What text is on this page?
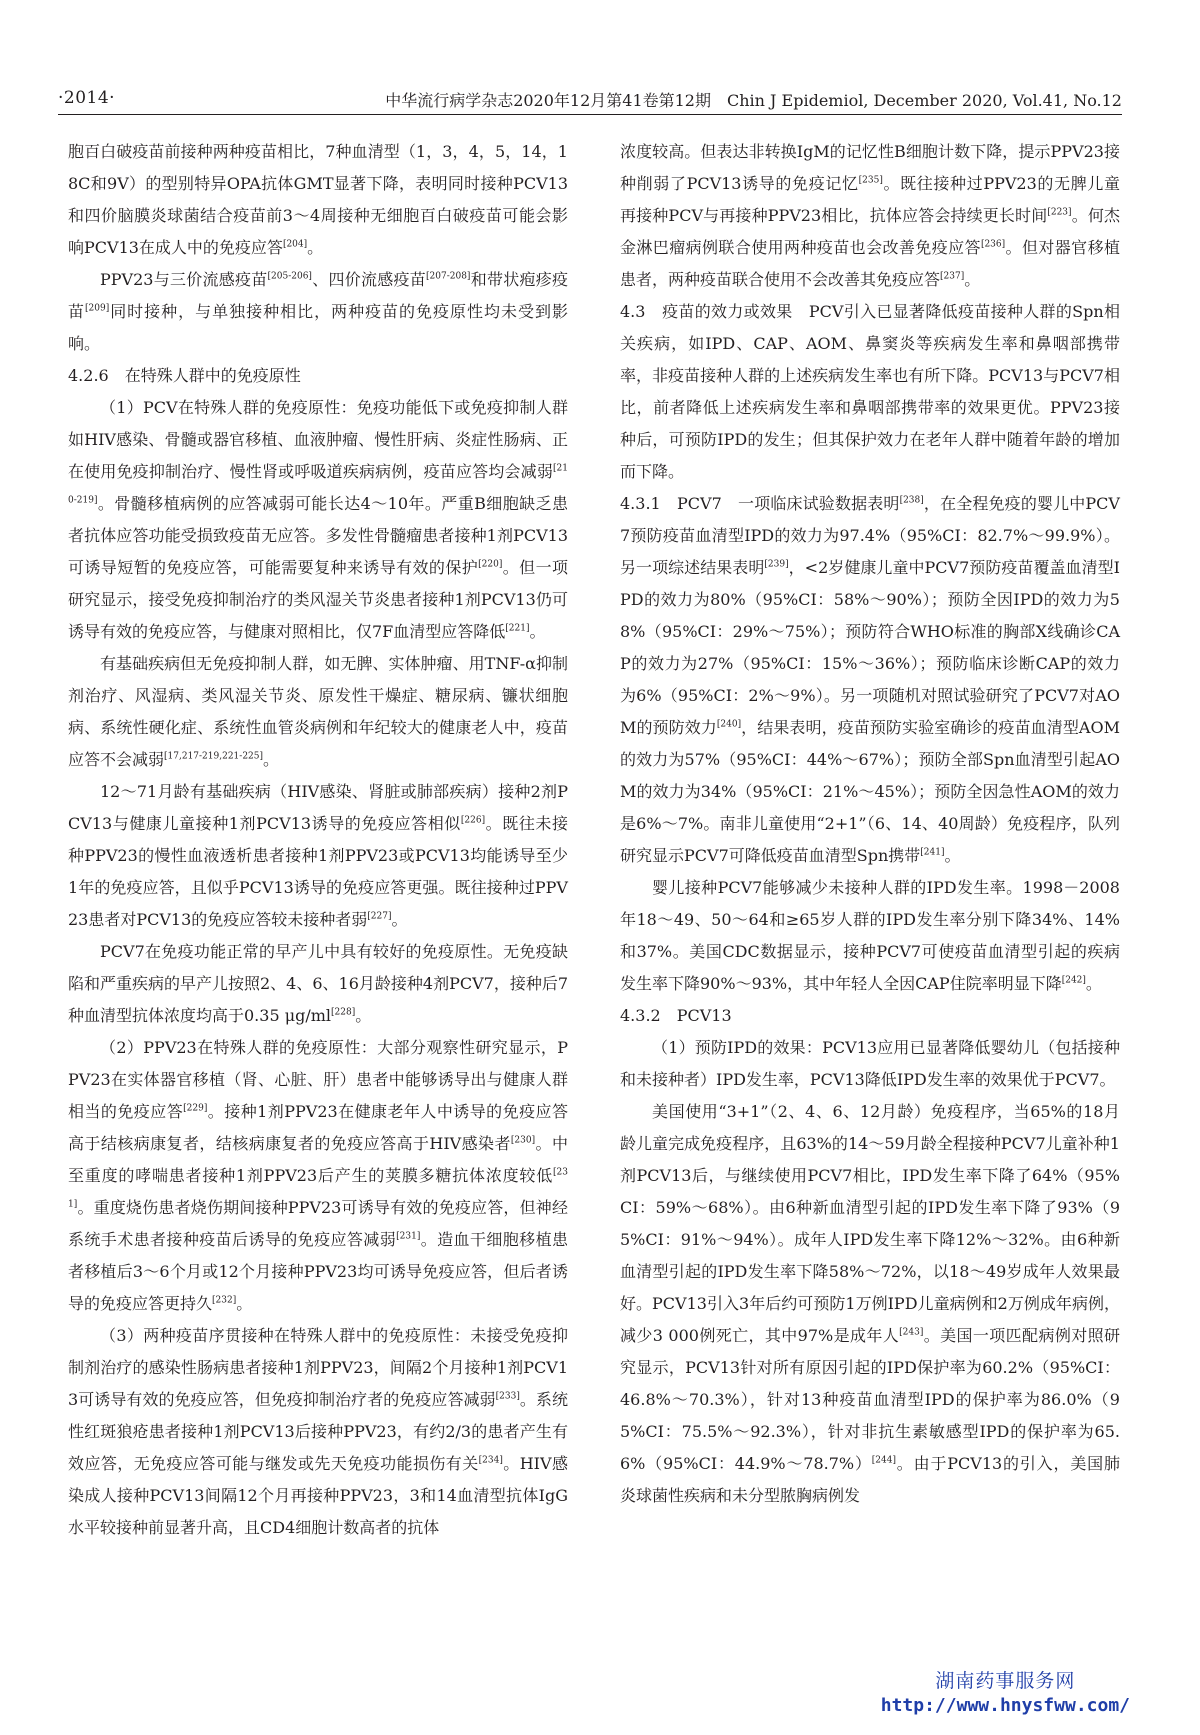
·2014·	中华流行病学杂志2020年12月第41卷第12期　Chin J Epidemiol, December 2020, Vol.41, No.12

胞百白破疫苗前接种两种疫苗相比，7种血清型（1，3，4，5，14，18C和9V）的型别特异OPA抗体GMT显著下降，表明同时接种PCV13和四价脑膜炎球菌结合疫苗前3～4周接种无细胞百白破疫苗可能会影响PCV13在成人中的免疫应答[204]。

PPV23与三价流感疫苗[205-206]、四价流感疫苗[207-208]和带状疱疹疫苗[209]同时接种，与单独接种相比，两种疫苗的免疫原性均未受到影响。

4.2.6　在特殊人群中的免疫原性

（1）PCV在特殊人群的免疫原性：免疫功能低下或免疫抑制人群如HIV感染、骨髓或器官移植、血液肿瘤、慢性肝病、炎症性肠病、正在使用免疫抑制治疗、慢性肾或呼吸道疾病病例，疫苗应答均会减弱[210-219]。骨髓移植病例的应答减弱可能长达4～10年。严重B细胞缺乏患者抗体应答功能受损致疫苗无应答。多发性骨髓瘤患者接种1剂PCV13可诱导短暂的免疫应答，可能需要复种来诱导有效的保护[220]。但一项研究显示，接受免疫抑制治疗的类风湿关节炎患者接种1剂PCV13仍可诱导有效的免疫应答，与健康对照相比，仅7F血清型应答降低[221]。

有基础疾病但无免疫抑制人群，如无脾、实体肿瘤、用TNF-α抑制剂治疗、风湿病、类风湿关节炎、原发性干燥症、糖尿病、镰状细胞病、系统性硬化症、系统性血管炎病例和年纪较大的健康老人中，疫苗应答不会减弱[17,217-219,221-225]。

12～71月龄有基础疾病（HIV感染、肾脏或肺部疾病）接种2剂PCV13与健康儿童接种1剂PCV13诱导的免疫应答相似[226]。既往未接种PPV23的慢性血液透析患者接种1剂PPV23或PCV13均能诱导至少1年的免疫应答，且似乎PCV13诱导的免疫应答更强。既往接种过PPV23患者对PCV13的免疫应答较未接种者弱[227]。

PCV7在免疫功能正常的早产儿中具有较好的免疫原性。无免疫缺陷和严重疾病的早产儿按照2、4、6、16月龄接种4剂PCV7，接种后7种血清型抗体浓度均高于0.35 μg/ml[228]。

（2）PPV23在特殊人群的免疫原性：大部分观察性研究显示，PPV23在实体器官移植（肾、心脏、肝）患者中能够诱导出与健康人群相当的免疫应答[229]。接种1剂PPV23在健康老年人中诱导的免疫应答高于结核病康复者，结核病康复者的免疫应答高于HIV感染者[230]。中至重度的哮喘患者接种1剂PPV23后产生的荚膜多糖抗体浓度较低[231]。重度烧伤患者烧伤期间接种PPV23可诱导有效的免疫应答，但神经系统手术患者接种疫苗后诱导的免疫应答减弱[231]。造血干细胞移植患者移植后3～6个月或12个月接种PPV23均可诱导免疫应答，但后者诱导的免疫应答更持久[232]。

（3）两种疫苗序贯接种在特殊人群中的免疫原性：未接受免疫抑制剂治疗的感染性肠病患者接种1剂PPV23，间隔2个月接种1剂PCV13可诱导有效的免疫应答，但免疫抑制治疗者的免疫应答减弱[233]。系统性红斑狼疮患者接种1剂PCV13后接种PPV23，有约2/3的患者产生有效应答，无免疫应答可能与继发或先天免疫功能损伤有关[234]。HIV感染成人接种PCV13间隔12个月再接种PPV23，3和14血清型抗体IgG水平较接种前显著升高，且CD4细胞计数高者的抗体

浓度较高。但表达非转换IgM的记忆性B细胞计数下降，提示PPV23接种削弱了PCV13诱导的免疫记忆[235]。既往接种过PPV23的无脾儿童再接种PCV与再接种PPV23相比，抗体应答会持续更长时间[223]。何杰金淋巴瘤病例联合使用两种疫苗也会改善免疫应答[236]。但对器官移植患者，两种疫苗联合使用不会改善其免疫应答[237]。

4.3　疫苗的效力或效果　PCV引入已显著降低疫苗接种人群的Spn相关疾病，如IPD、CAP、AOM、鼻窦炎等疾病发生率和鼻咽部携带率，非疫苗接种人群的上述疾病发生率也有所下降。PCV13与PCV7相比，前者降低上述疾病发生率和鼻咽部携带率的效果更优。PPV23接种后，可预防IPD的发生；但其保护效力在老年人群中随着年龄的增加而下降。

4.3.1　PCV7　一项临床试验数据表明[238]，在全程免疫的婴儿中PCV7预防疫苗血清型IPD的效力为97.4%（95%CI：82.7%～99.9%）。另一项综述结果表明[239]，<2岁健康儿童中PCV7预防疫苗覆盖血清型IPD的效力为80%（95%CI：58%～90%）；预防全因IPD的效力为58%（95%CI：29%～75%）；预防符合WHO标准的胸部X线确诊CAP的效力为27%（95%CI：15%～36%）；预防临床诊断CAP的效力为6%（95%CI：2%～9%）。另一项随机对照试验研究了PCV7对AOM的预防效力[240]，结果表明，疫苗预防实验室确诊的疫苗血清型AOM的效力为57%（95%CI：44%～67%）；预防全部Spn血清型引起AOM的效力为34%（95%CI：21%～45%）；预防全因急性AOM的效力是6%～7%。南非儿童使用“2+1”（6、14、40周龄）免疫程序，队列研究显示PCV7可降低疫苗血清型Spn携带[241]。

婴儿接种PCV7能够减少未接种人群的IPD发生率。1998－2008年18～49、50～64和≥65岁人群的IPD发生率分别下降34%、14%和37%。美国CDC数据显示，接种PCV7可使疫苗血清型引起的疾病发生率下降90%～93%，其中年轻人全因CAP住院率明显下降[242]。

4.3.2　PCV13

（1）预防IPD的效果：PCV13应用已显著降低婴幼儿（包括接种和未接种者）IPD发生率，PCV13降低IPD发生率的效果优于PCV7。

美国使用“3+1”（2、4、6、12月龄）免疫程序，当65%的18月龄儿童完成免疫程序，且63%的14～59月龄全程接种PCV7儿童补种1剂PCV13后，与继续使用PCV7相比，IPD发生率下降了64%（95%CI：59%～68%）。由6种新血清型引起的IPD发生率下降了93%（95%CI：91%～94%）。成年人IPD发生率下降12%～32%。由6种新血清型引起的IPD发生率下降58%～72%，以18～49岁成年人效果最好。PCV13引入3年后约可预防1万例IPD儿童病例和2万例成年病例，减少3 000例死亡，其中97%是成年人[243]。美国一项匹配病例对照研究显示，PCV13针对所有原因引起的IPD保护率为60.2%（95%CI：46.8%～70.3%），针对13种疫苗血清型IPD的保护率为86.0%（95%CI：75.5%～92.3%），针对非抗生素敏感型IPD的保护率为65.6%（95%CI：44.9%～78.7%）[244]。由于PCV13的引入，美国肺炎球菌性疾病和未分型脓胸病例发

湖南药事服务网
http://www.hnysfww.com/
